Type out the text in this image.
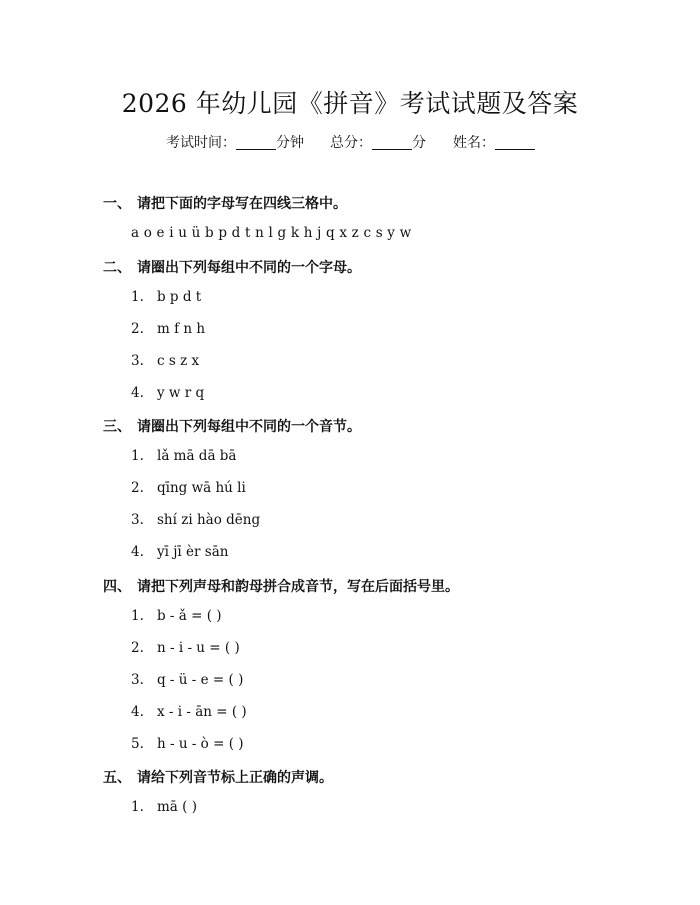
2026 年幼儿园《拼音》考试试题及答案
考试时间：	分钟 总分：	分 姓名：
一、 请把下面的字母写在四线三格中。
a o e i u ü b p d t n l g k h j q x z c s y w
二、 请圈出下列每组中不同的一个字母。
1. b p d t
2. m f n h
3. c s z x
4. y w r q
三、 请圈出下列每组中不同的一个音节。
1. lǎ mā dā bā
2. qīng wā hú li
3. shí zi hào dēng
4. yī jī èr sān
四、 请把下列声母和韵母拼合成音节，写在后面括号里。
1. b - ǎ = ( )
2. n - i - u = ( )
3. q - ü - e = ( )
4. x - i - ān = ( )
5. h - u - ò = ( )
五、 请给下列音节标上正确的声调。
1. mā ( )
